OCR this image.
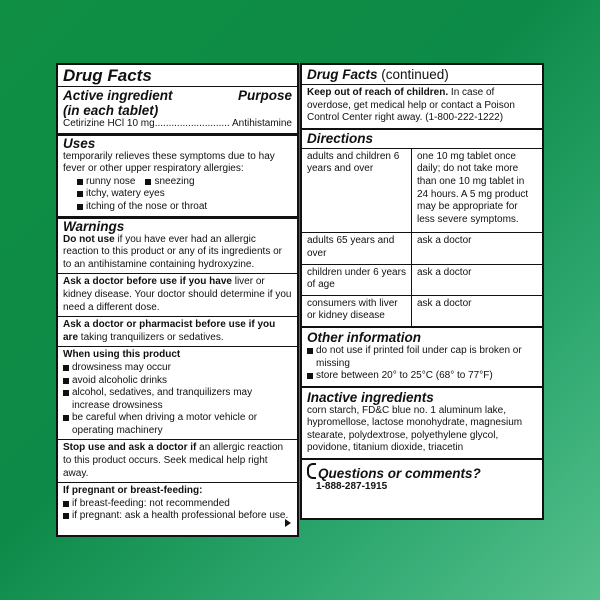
Drug Facts
Active ingredient	Purpose
(in each tablet)
Cetirizine HCl 10 mg........................... Antihistamine
Uses
temporarily relieves these symptoms due to hay fever or other upper respiratory allergies:
runny nose sneezing
itchy, watery eyes
itching of the nose or throat
Warnings
Do not use if you have ever had an allergic reaction to this product or any of its ingredients or to an antihistamine containing hydroxyzine.
Ask a doctor before use if you have liver or kidney disease. Your doctor should determine if you need a different dose.
Ask a doctor or pharmacist before use if you are taking tranquilizers or sedatives.
When using this product
drowsiness may occur
avoid alcoholic drinks
alcohol, sedatives, and tranquilizers may increase drowsiness
be careful when driving a motor vehicle or operating machinery
Stop use and ask a doctor if an allergic reaction to this product occurs. Seek medical help right away.
If pregnant or breast-feeding:
if breast-feeding: not recommended
if pregnant: ask a health professional before use.
Drug Facts (continued)
Keep out of reach of children. In case of overdose, get medical help or contact a Poison Control Center right away. (1-800-222-1222)
Directions
adults and children 6 years and over	one 10 mg tablet once daily; do not take more than one 10 mg tablet in 24 hours. A 5 mg product may be appropriate for less severe symptoms.
adults 65 years and over	ask a doctor
children under 6 years of age	ask a doctor
consumers with liver or kidney disease	ask a doctor
Other information
do not use if printed foil under cap is broken or missing
store between 20° to 25°C (68° to 77°F)
Inactive ingredients
corn starch, FD&C blue no. 1 aluminum lake, hypromellose, lactose monohydrate, magnesium stearate, polydextrose, polyethylene glycol, povidone, titanium dioxide, triacetin
Questions or comments?
1-888-287-1915
